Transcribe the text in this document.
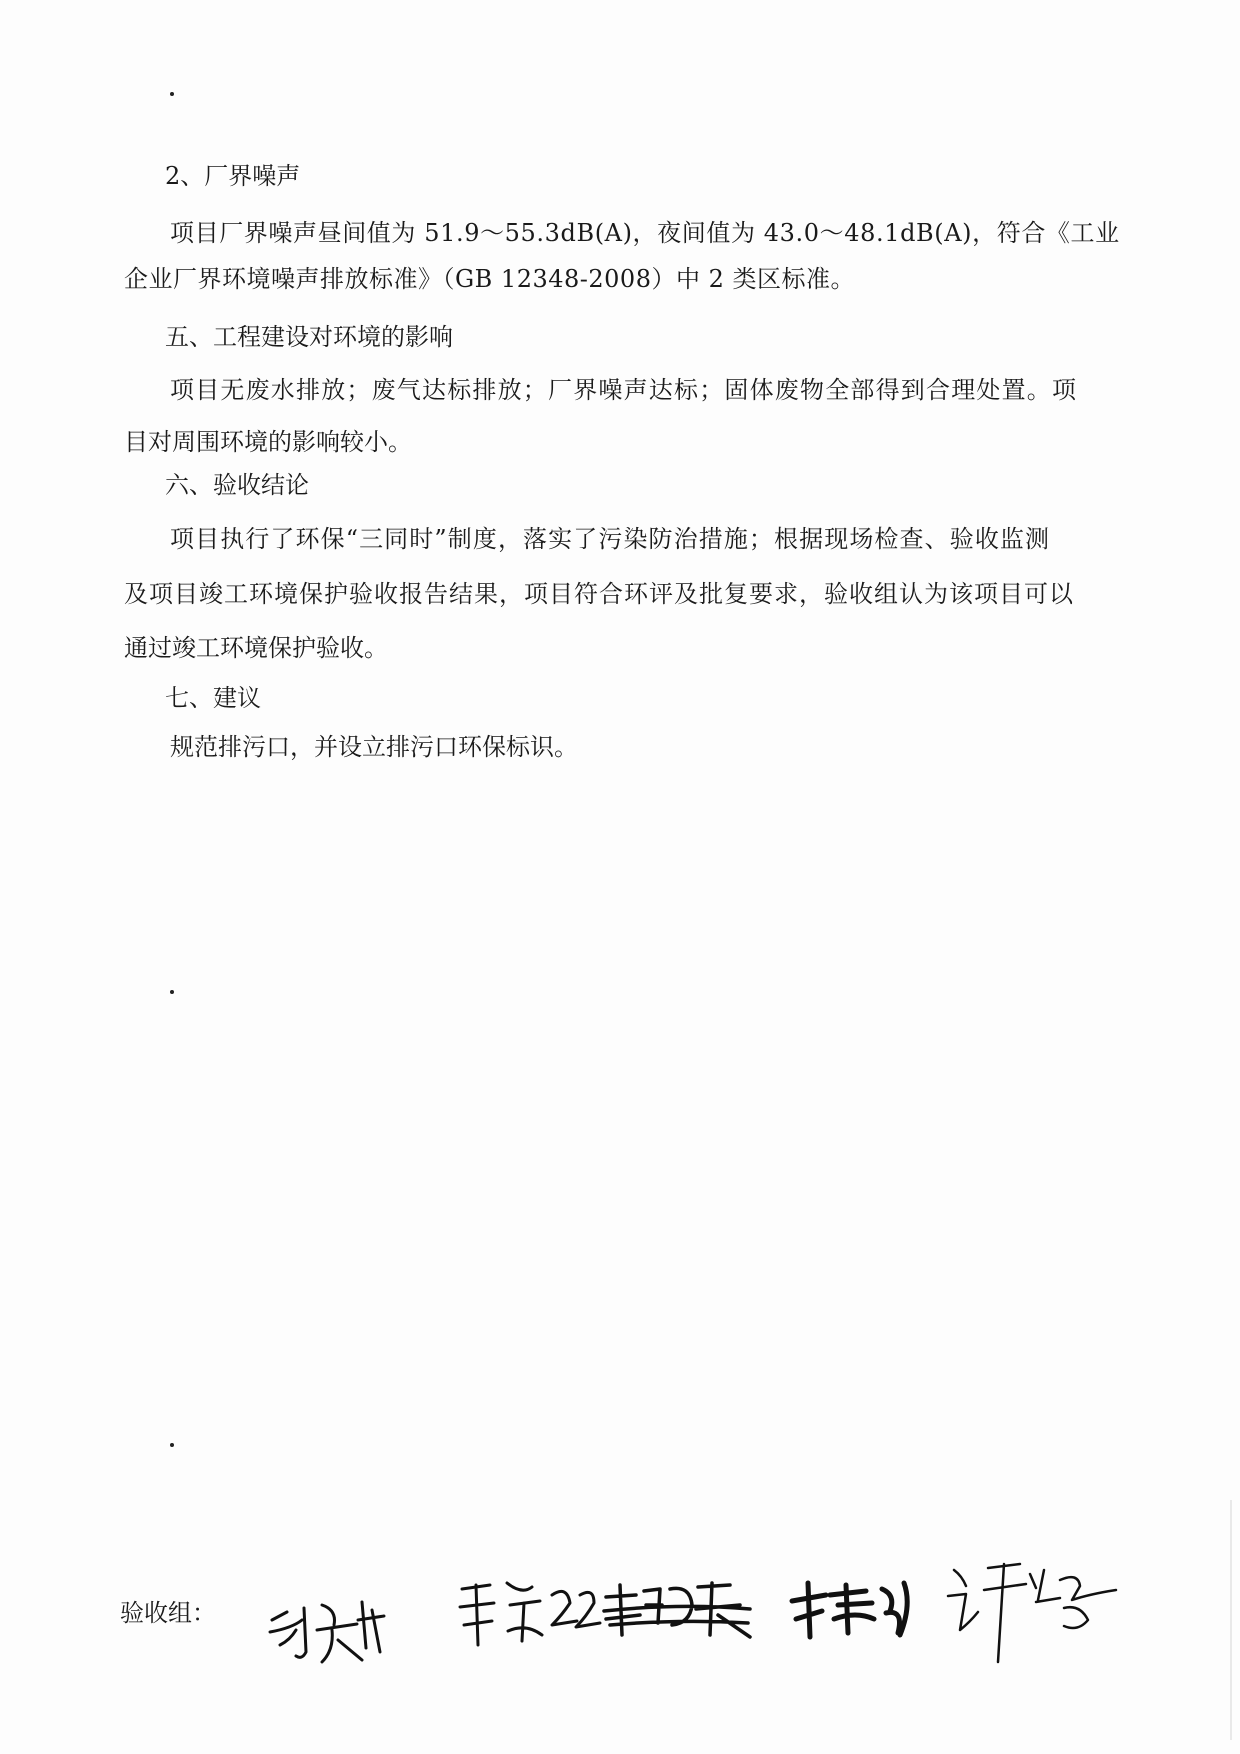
2、厂界噪声
项目厂界噪声昼间值为 51.9～55.3dB(A)，夜间值为 43.0～48.1dB(A)，符合《工业
企业厂界环境噪声排放标准》（GB 12348-2008）中 2 类区标准。
五、工程建设对环境的影响
项目无废水排放；废气达标排放；厂界噪声达标；固体废物全部得到合理处置。项
目对周围环境的影响较小。
六、验收结论
项目执行了环保“三同时”制度，落实了污染防治措施；根据现场检查、验收监测
及项目竣工环境保护验收报告结果，项目符合环评及批复要求，验收组认为该项目可以
通过竣工环境保护验收。
七、建议
规范排污口，并设立排污口环保标识。
验收组：
